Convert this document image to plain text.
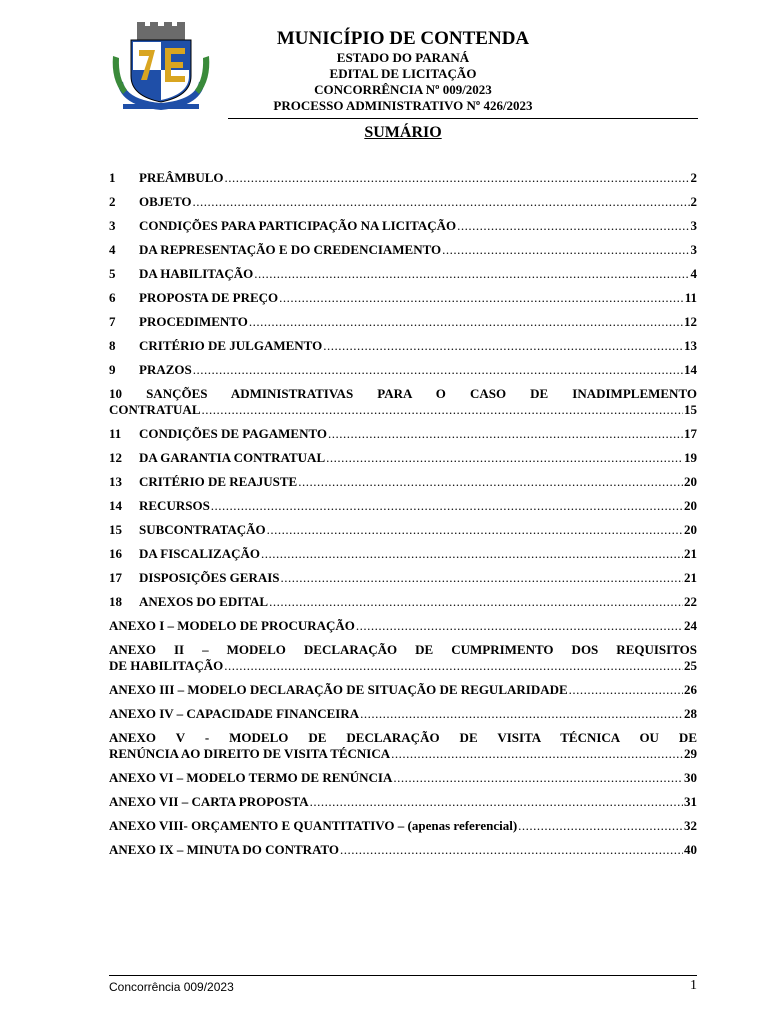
MUNICÍPIO DE CONTENDA
ESTADO DO PARANÁ
EDITAL DE LICITAÇÃO
CONCORRÊNCIA Nº 009/2023
PROCESSO ADMINISTRATIVO Nº 426/2023
SUMÁRIO
1	PREÂMBULO .....	2
2	OBJETO .....	2
3	CONDIÇÕES PARA PARTICIPAÇÃO NA LICITAÇÃO .....	3
4	DA REPRESENTAÇÃO E DO CREDENCIAMENTO .....	3
5	DA HABILITAÇÃO .....	4
6	PROPOSTA DE PREÇO .....	11
7	PROCEDIMENTO .....	12
8	CRITÉRIO DE JULGAMENTO .....	13
9	PRAZOS .....	14
10 SANÇÕES ADMINISTRATIVAS PARA O CASO DE INADIMPLEMENTO
CONTRATUAL .....	15
11	CONDIÇÕES DE PAGAMENTO .....	17
12	DA GARANTIA CONTRATUAL .....	19
13	CRITÉRIO DE REAJUSTE .....	20
14	RECURSOS .....	20
15	SUBCONTRATAÇÃO .....	20
16	DA FISCALIZAÇÃO .....	21
17	DISPOSIÇÕES GERAIS .....	21
18	ANEXOS DO EDITAL .....	22
ANEXO I – MODELO DE PROCURAÇÃO .....	24
ANEXO II – MODELO DECLARAÇÃO DE CUMPRIMENTO DOS REQUISITOS
DE HABILITAÇÃO .....	25
ANEXO III – MODELO DECLARAÇÃO DE SITUAÇÃO DE REGULARIDADE .....	26
ANEXO IV – CAPACIDADE FINANCEIRA .....	28
ANEXO V - MODELO DE DECLARAÇÃO DE VISITA TÉCNICA OU DE
RENÚNCIA AO DIREITO DE VISITA TÉCNICA .....	29
ANEXO VI – MODELO TERMO DE RENÚNCIA .....	30
ANEXO VII – CARTA PROPOSTA .....	31
ANEXO VIII- ORÇAMENTO E QUANTITATIVO – (apenas referencial) .....	32
ANEXO IX – MINUTA DO CONTRATO .....	40
Concorrência 009/2023	1
